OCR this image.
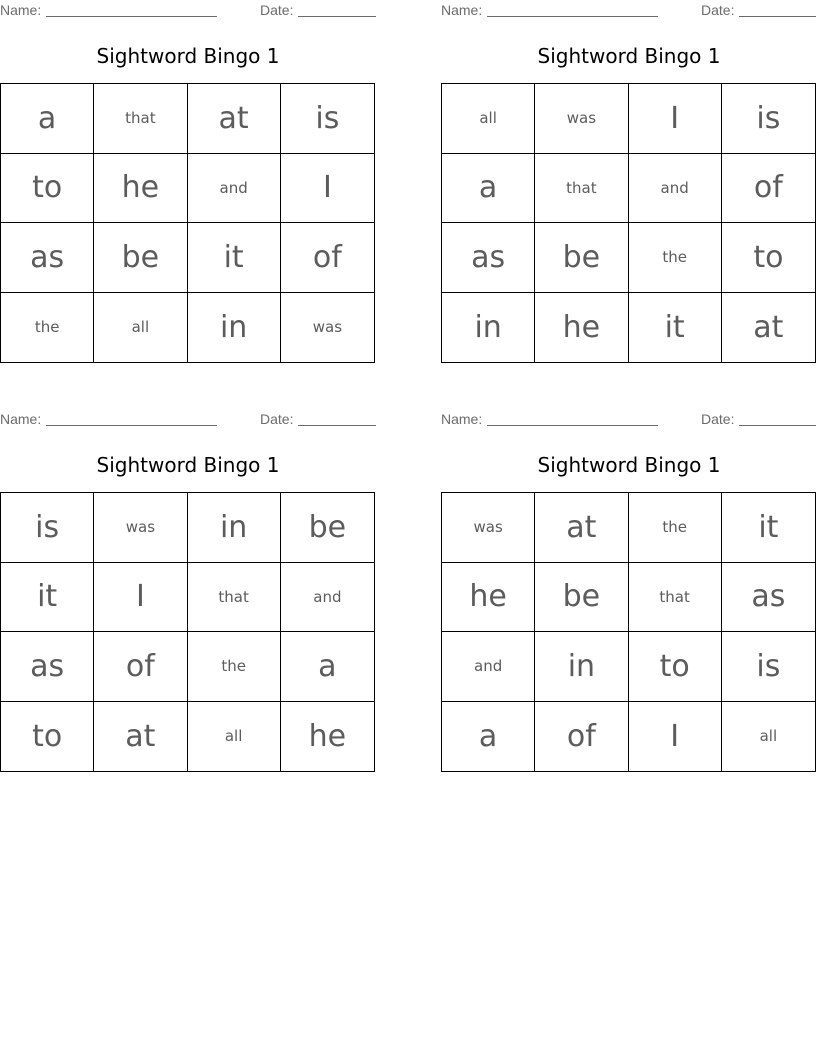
Name:	Date:
Sightword Bingo 1
a	that	at	is
to	he	and	I
as	be	it	of
the	all	in	was
Name:	Date:
Sightword Bingo 1
all	was	I	is
a	that	and	of
as	be	the	to
in	he	it	at
Name:	Date:
Sightword Bingo 1
is	was	in	be
it	I	that	and
as	of	the	a
to	at	all	he
Name:	Date:
Sightword Bingo 1
was	at	the	it
he	be	that	as
and	in	to	is
a	of	I	all
